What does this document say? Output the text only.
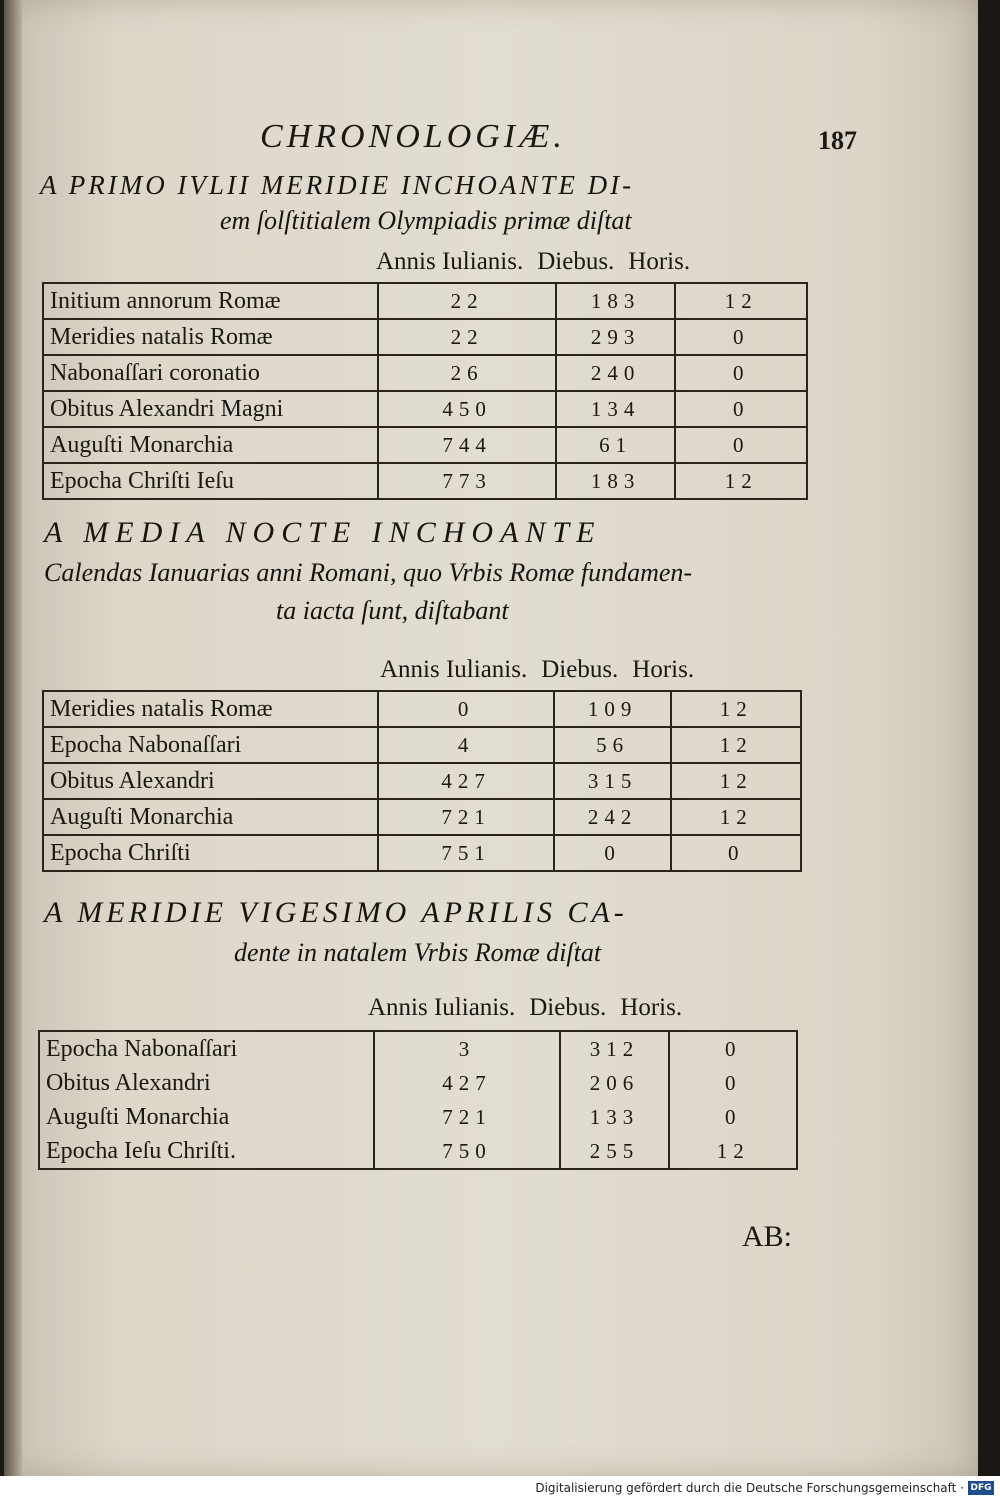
CHRONOLOGIÆ.	187
A PRIMO IVLII MERIDIE INCHOANTE DI-
em ſolſtitialem Olympiadis primæ diſtat
Annis Iulianis. Diebus. Horis.
Initium annorum Romæ	22	183	12
Meridies natalis Romæ	22	293	0
Nabonaſſari coronatio	26	240	0
Obitus Alexandri Magni	450	134	0
Auguſti Monarchia	744	61	0
Epocha Chriſti Ieſu	773	183	12
A MEDIA NOCTE INCHOANTE
Calendas Ianuarias anni Romani, quo Vrbis Romæ fundamen-
ta iacta ſunt, diſtabant
Annis Iulianis. Diebus. Horis.
Meridies natalis Romæ	0	109	12
Epocha Nabonaſſari	4	56	12
Obitus Alexandri	427	315	12
Auguſti Monarchia	721	242	12
Epocha Chriſti	751	0	0
A MERIDIE VIGESIMO APRILIS CA-
dente in natalem Vrbis Romæ diſtat
Annis Iulianis. Diebus. Horis.
Epocha Nabonaſſari	3	312	0
Obitus Alexandri	427	206	0
Auguſti Monarchia	721	133	0
Epocha Ieſu Chriſti.	750	255	12
AB:
Digitalisierung gefördert durch die Deutsche Forschungsgemeinschaft · DFG
